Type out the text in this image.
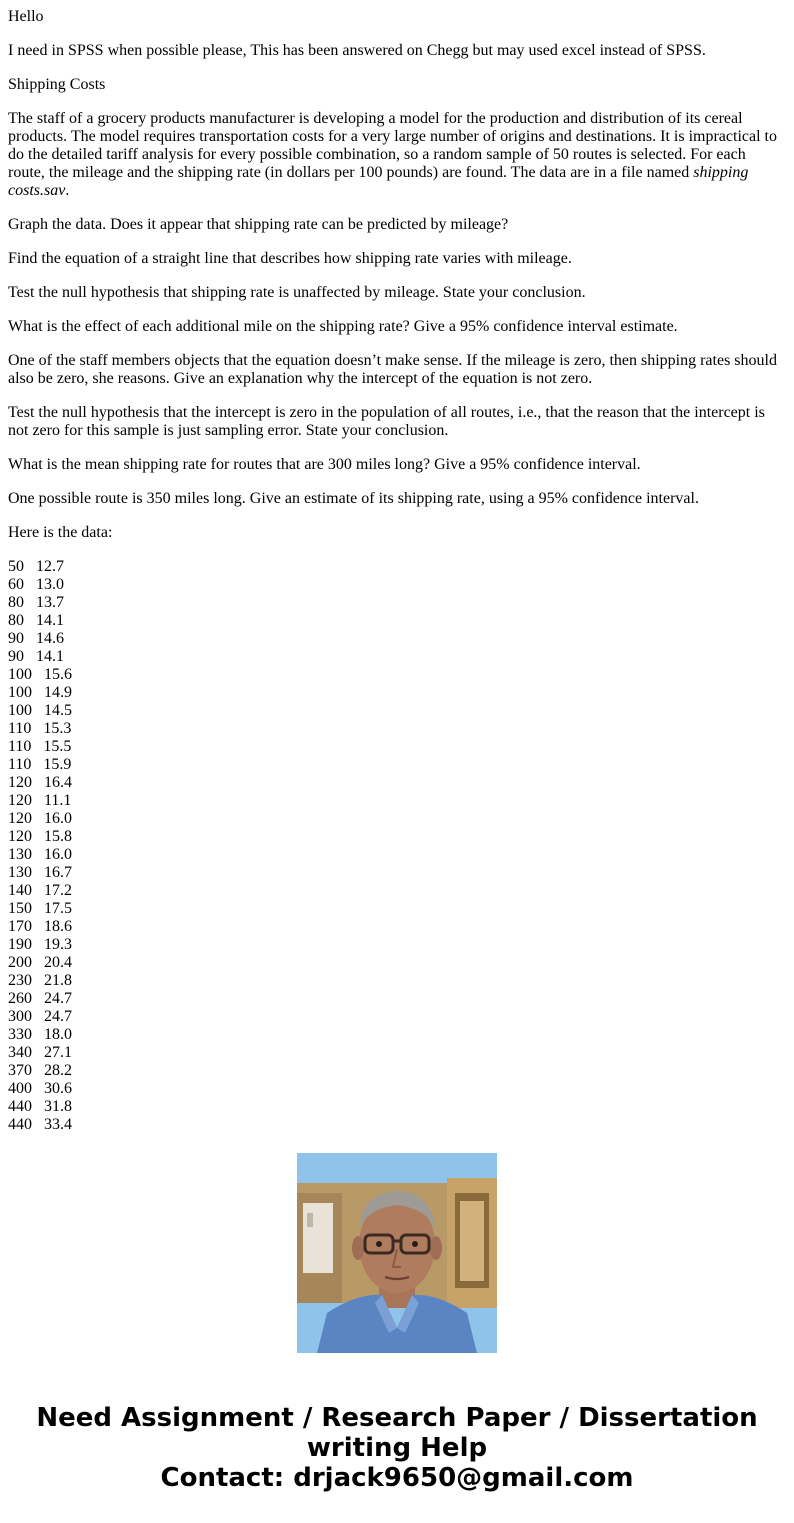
Hello

I need in SPSS when possible please, This has been answered on Chegg but may used excel instead of SPSS.

Shipping Costs

The staff of a grocery products manufacturer is developing a model for the production and distribution of its cereal products. The model requires transportation costs for a very large number of origins and destinations. It is impractical to do the detailed tariff analysis for every possible combination, so a random sample of 50 routes is selected. For each route, the mileage and the shipping rate (in dollars per 100 pounds) are found. The data are in a file named shipping costs.sav.

Graph the data. Does it appear that shipping rate can be predicted by mileage?

Find the equation of a straight line that describes how shipping rate varies with mileage.

Test the null hypothesis that shipping rate is unaffected by mileage. State your conclusion.

What is the effect of each additional mile on the shipping rate? Give a 95% confidence interval estimate.

One of the staff members objects that the equation doesn’t make sense. If the mileage is zero, then shipping rates should also be zero, she reasons. Give an explanation why the intercept of the equation is not zero.

Test the null hypothesis that the intercept is zero in the population of all routes, i.e., that the reason that the intercept is not zero for this sample is just sampling error. State your conclusion.

What is the mean shipping rate for routes that are 300 miles long? Give a 95% confidence interval.

One possible route is 350 miles long. Give an estimate of its shipping rate, using a 95% confidence interval.

Here is the data:

50 12.7
60 13.0
80 13.7
80 14.1
90 14.6
90 14.1
100 15.6
100 14.9
100 14.5
110 15.3
110 15.5
110 15.9
120 16.4
120 11.1
120 16.0
120 15.8
130 16.0
130 16.7
140 17.2
150 17.5
170 18.6
190 19.3
200 20.4
230 21.8
260 24.7
300 24.7
330 18.0
340 27.1
370 28.2
400 30.6
440 31.8
440 33.4
Need Assignment / Research Paper / Dissertation
writing Help
Contact: drjack9650@gmail.com
